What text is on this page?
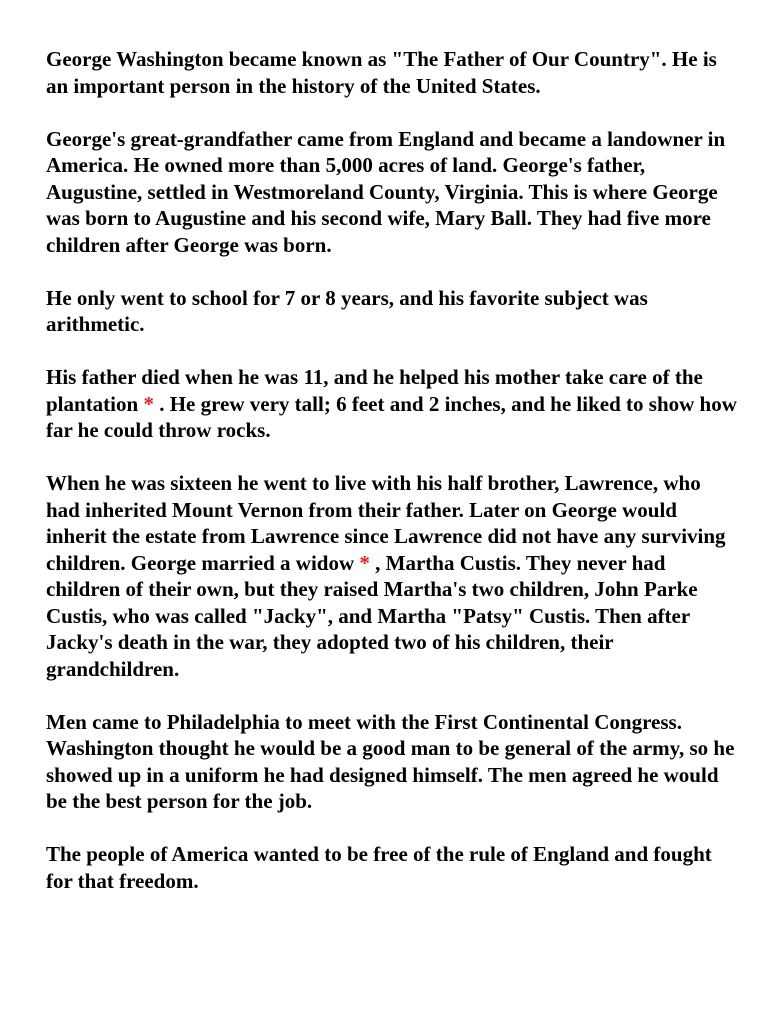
George Washington became known as "The Father of Our Country". He is an important person in the history of the United States.

George's great-grandfather came from England and became a landowner in America. He owned more than 5,000 acres of land. George's father, Augustine, settled in Westmoreland County, Virginia. This is where George was born to Augustine and his second wife, Mary Ball. They had five more children after George was born.

He only went to school for 7 or 8 years, and his favorite subject was arithmetic.

His father died when he was 11, and he helped his mother take care of the plantation * . He grew very tall; 6 feet and 2 inches, and he liked to show how far he could throw rocks.

When he was sixteen he went to live with his half brother, Lawrence, who had inherited Mount Vernon from their father. Later on George would inherit the estate from Lawrence since Lawrence did not have any surviving children. George married a widow * , Martha Custis. They never had children of their own, but they raised Martha's two children, John Parke Custis, who was called "Jacky", and Martha "Patsy" Custis. Then after Jacky's death in the war, they adopted two of his children, their grandchildren.

Men came to Philadelphia to meet with the First Continental Congress. Washington thought he would be a good man to be general of the army, so he showed up in a uniform he had designed himself. The men agreed he would be the best person for the job.

The people of America wanted to be free of the rule of England and fought for that freedom.
